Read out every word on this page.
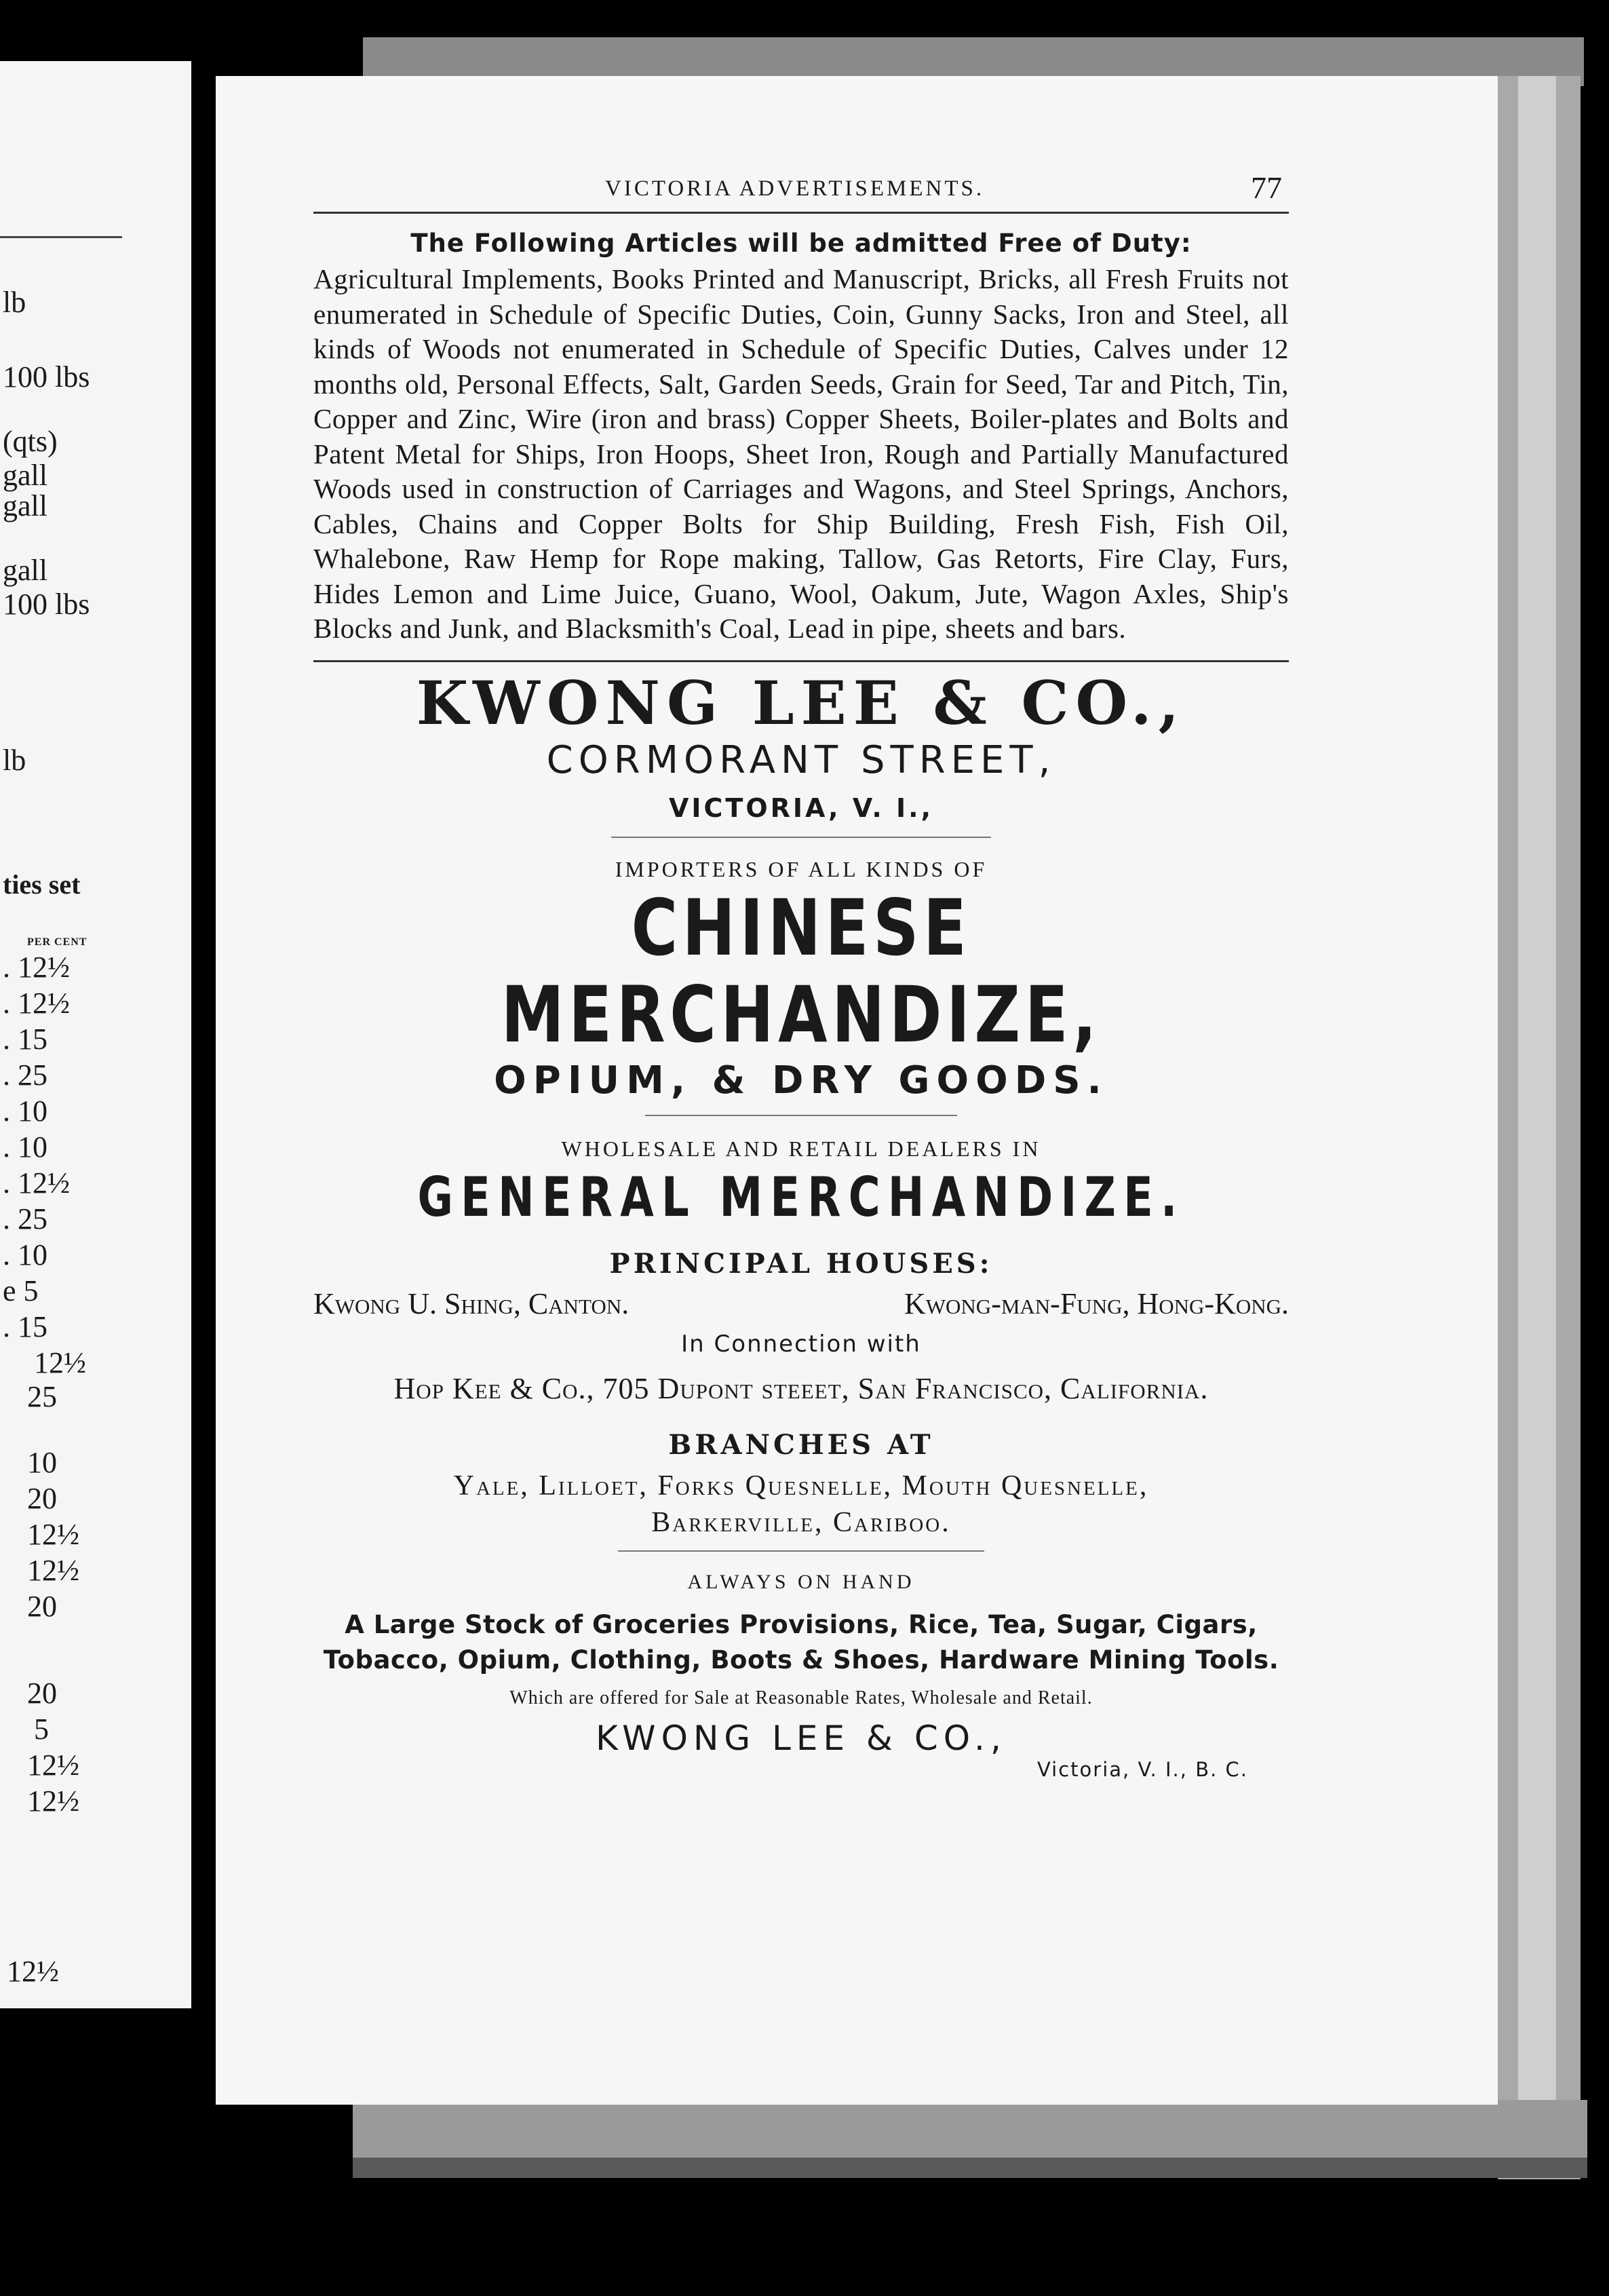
lb
100 lbs
(qts)
gall
gall
gall
100 lbs
lb
ties set
PER CENT
. 12½
. 12½
. 15
. 25
. 10
. 10
. 12½
. 25
. 10
e 5
. 15
12½
25
10
20
12½
12½
20
20
5
12½
12½
12½
VICTORIA ADVERTISEMENTS.	77
The Following Articles will be admitted Free of Duty:
Agricultural Implements, Books Printed and Manuscript, Bricks, all Fresh Fruits not enumerated in Schedule of Specific Duties, Coin, Gunny Sacks, Iron and Steel, all kinds of Woods not enumerated in Schedule of Specific Duties, Calves under 12 months old, Personal Effects, Salt, Garden Seeds, Grain for Seed, Tar and Pitch, Tin, Copper and Zinc, Wire (iron and brass) Copper Sheets, Boiler-plates and Bolts and Patent Metal for Ships, Iron Hoops, Sheet Iron, Rough and Partially Manufactured Woods used in construction of Carriages and Wagons, and Steel Springs, Anchors, Cables, Chains and Copper Bolts for Ship Building, Fresh Fish, Fish Oil, Whalebone, Raw Hemp for Rope making, Tallow, Gas Retorts, Fire Clay, Furs, Hides Lemon and Lime Juice, Guano, Wool, Oakum, Jute, Wagon Axles, Ship's Blocks and Junk, and Blacksmith's Coal, Lead in pipe, sheets and bars.
KWONG LEE & CO.,
CORMORANT STREET,
VICTORIA, V. I.,
IMPORTERS OF ALL KINDS OF
CHINESE MERCHANDIZE,
OPIUM, & DRY GOODS.
WHOLESALE AND RETAIL DEALERS IN
GENERAL MERCHANDIZE.
PRINCIPAL HOUSES:
Kwong U. Shing, Canton.	Kwong-man-Fung, Hong-Kong.
In Connection with
Hop Kee & Co., 705 Dupont steeet, San Francisco, California.
BRANCHES AT
Yale, Lilloet, Forks Quesnelle, Mouth Quesnelle,
Barkerville, Cariboo.
ALWAYS ON HAND
A Large Stock of Groceries Provisions, Rice, Tea, Sugar, Cigars, Tobacco, Opium, Clothing, Boots & Shoes, Hardware Mining Tools.
Which are offered for Sale at Reasonable Rates, Wholesale and Retail.
KWONG LEE & CO.,
Victoria, V. I., B. C.
